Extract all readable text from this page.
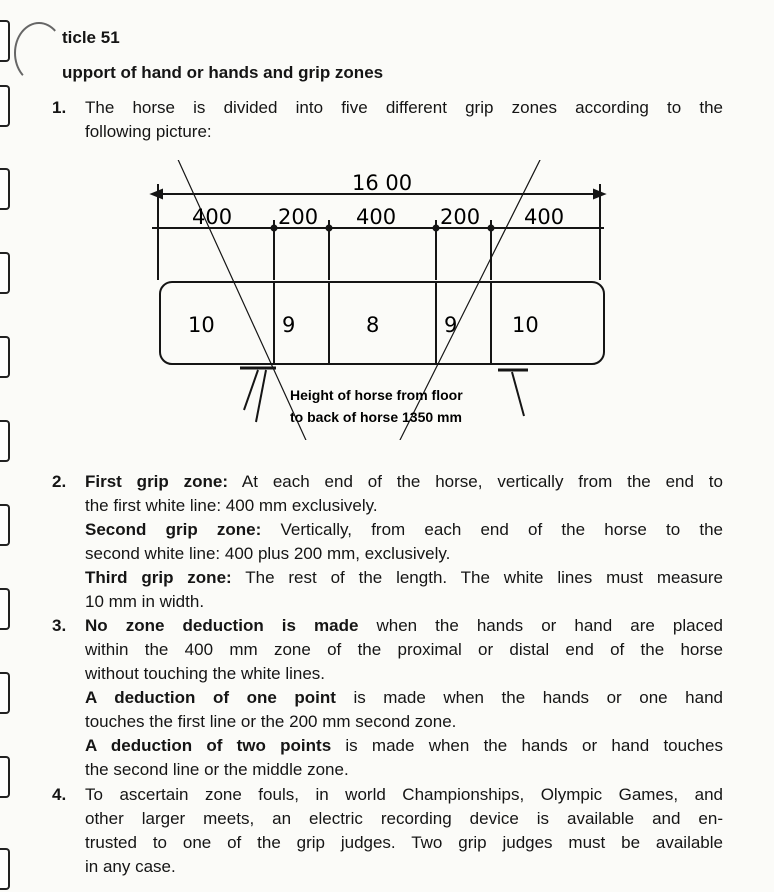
ticle 51
upport of hand or hands and grip zones
1.	The horse is divided into five different grip zones according to the
following picture:
16 00
400 200 400 200 400
10	9	8	9	10
Height of horse from floor
to back of horse 1350 mm
2.	First grip zone: At each end of the horse, vertically from the end to
the first white line: 400 mm exclusively.
Second grip zone: Vertically, from each end of the horse to the
second white line: 400 plus 200 mm, exclusively.
Third grip zone: The rest of the length. The white lines must measure
10 mm in width.
3.	No zone deduction is made when the hands or hand are placed
within the 400 mm zone of the proximal or distal end of the horse
without touching the white lines.
A deduction of one point is made when the hands or one hand
touches the first line or the 200 mm second zone.
A deduction of two points is made when the hands or hand touches
the second line or the middle zone.
4.	To ascertain zone fouls, in world Championships, Olympic Games, and
other larger meets, an electric recording device is available and en-
trusted to one of the grip judges. Two grip judges must be available
in any case.
